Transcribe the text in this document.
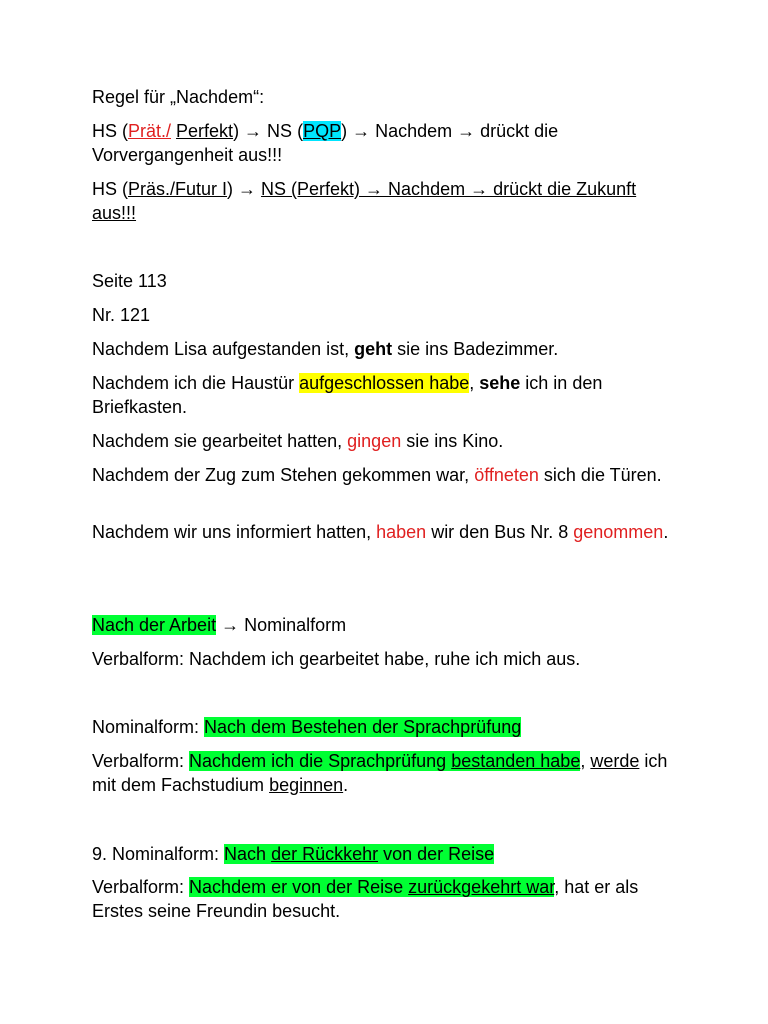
Regel für „Nachdem“:

HS (Prät./ Perfekt) → NS (PQP) → Nachdem → drückt die Vorvergangenheit aus!!!

HS (Präs./Futur I) → NS (Perfekt) → Nachdem → drückt die Zukunft aus!!!

Seite 113

Nr. 121

Nachdem Lisa aufgestanden ist, geht sie ins Badezimmer.

Nachdem ich die Haustür aufgeschlossen habe, sehe ich in den Briefkasten.

Nachdem sie gearbeitet hatten, gingen sie ins Kino.

Nachdem der Zug zum Stehen gekommen war, öffneten sich die Türen.

Nachdem wir uns informiert hatten, haben wir den Bus Nr. 8 genommen.

Nach der Arbeit → Nominalform

Verbalform: Nachdem ich gearbeitet habe, ruhe ich mich aus.

Nominalform: Nach dem Bestehen der Sprachprüfung

Verbalform: Nachdem ich die Sprachprüfung bestanden habe, werde ich mit dem Fachstudium beginnen.

9. Nominalform: Nach der Rückkehr von der Reise

Verbalform: Nachdem er von der Reise zurückgekehrt war, hat er als Erstes seine Freundin besucht.
